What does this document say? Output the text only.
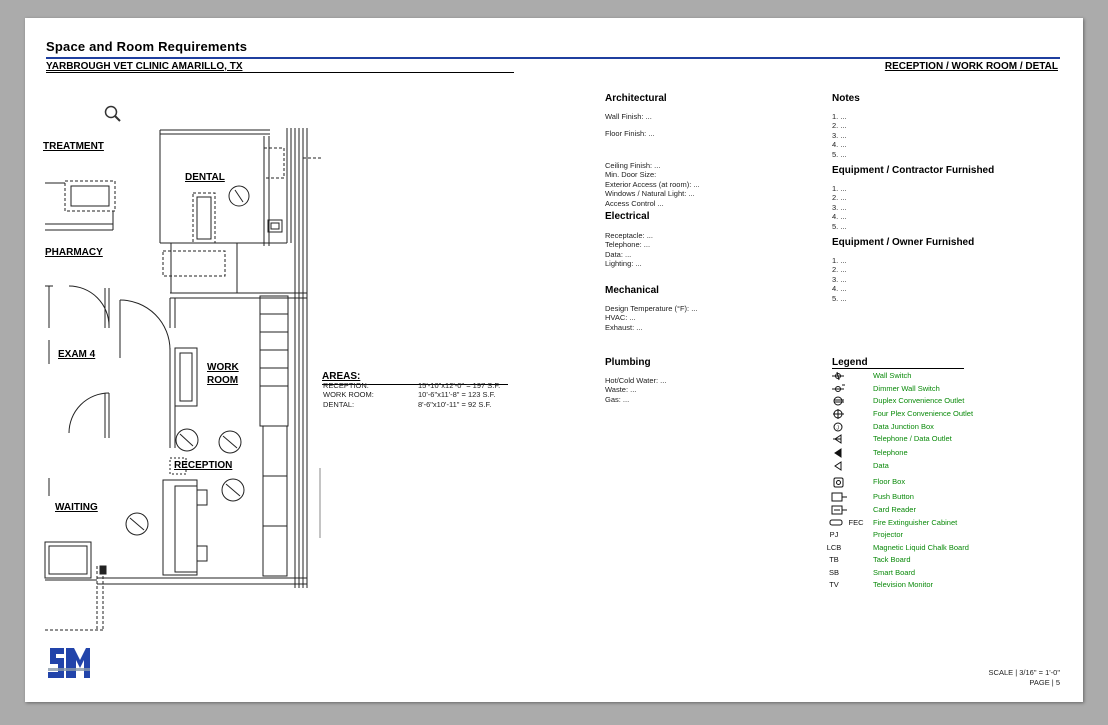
Space and Room Requirements
YARBROUGH VET CLINIC AMARILLO, TX	RECEPTION / WORK ROOM / DETAL
TREATMENT
PHARMACY
EXAM 4
WAITING
DENTAL
WORK
ROOM
RECEPTION
AREAS:
RECEPTION:	15'-10"x12'-0" = 197 S.F.
WORK ROOM:	10'-6"x11'-8" = 123 S.F.
DENTAL:	8'-6"x10'-11" = 92 S.F.
Architectural
Wall Finish: ...
Floor Finish: ...
Ceiling Finish: ...
Min. Door Size:
Exterior Access (at room): ...
Windows / Natural Light: ...
Access Control ...
Electrical
Receptacle: ...
Telephone: ...
Data: ...
Lighting: ...
Mechanical
Design Temperature (°F): ...
HVAC: ...
Exhaust: ...
Plumbing
Hot/Cold Water: ...
Waste: ...
Gas: ...
Notes
1. ...
2. ...
3. ...
4. ...
5. ...
Equipment / Contractor Furnished
1. ...
2. ...
3. ...
4. ...
5. ...
Equipment / Owner Furnished
1. ...
2. ...
3. ...
4. ...
5. ...
Legend
J
Wall Switch
Dimmer Wall Switch
Duplex Convenience Outlet
Four Plex Convenience Outlet
Data Junction Box
Telephone / Data Outlet
Telephone
Data
Floor Box
Push Button
Card Reader
FEC	Fire Extinguisher Cabinet
PJ	Projector
LCB	Magnetic Liquid Chalk Board
TB	Tack Board
SB	Smart Board
TV	Television Monitor
SCALE | 3/16" = 1'-0"
PAGE | 5
